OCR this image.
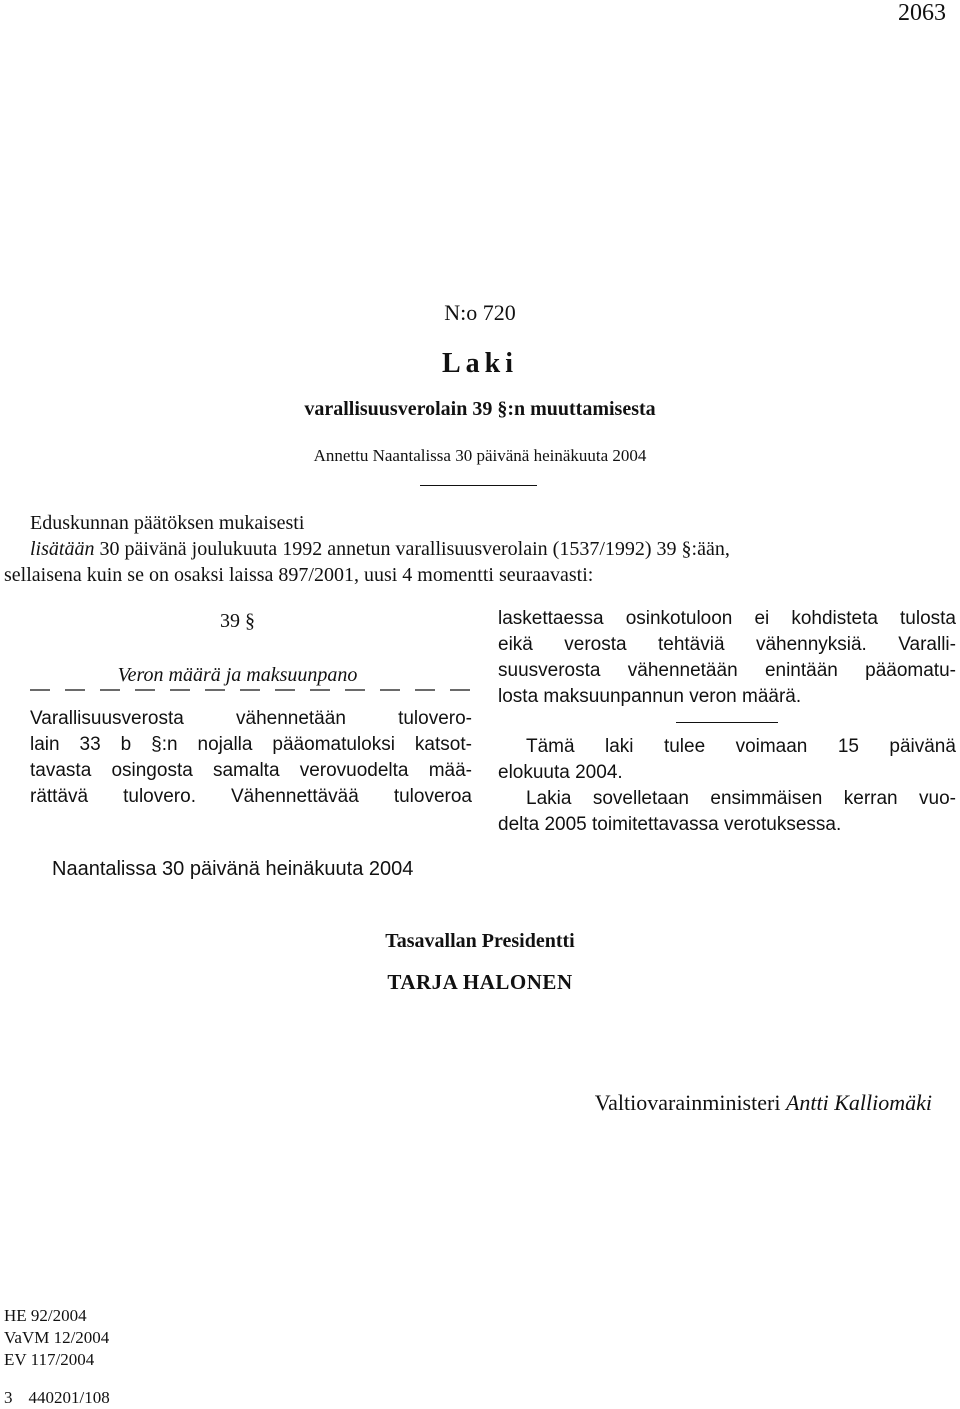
2063
N:o 720
Laki
varallisuusverolain 39 §:n muuttamisesta
Annettu Naantalissa 30 päivänä heinäkuuta 2004
Eduskunnan päätöksen mukaisesti
lisätään 30 päivänä joulukuuta 1992 annetun varallisuusverolain (1537/1992) 39 §:ään,
sellaisena kuin se on osaksi laissa 897/2001, uusi 4 momentti seuraavasti:
39 §
Veron määrä ja maksuunpano
Varallisuusverosta	vähennetään	tulovero-
lain 33 b §:n nojalla pääomatuloksi katsot-
tavasta osingosta samalta verovuodelta mää-
rättävä tulovero. Vähennettävää tuloveroa
laskettaessa osinkotuloon ei kohdisteta tulosta
eikä verosta tehtäviä vähennyksiä. Varalli-
suusverosta vähennetään enintään pääomatu-
losta maksuunpannun veron määrä.
Tämä laki tulee voimaan 15 päivänä
elokuuta 2004.
Lakia sovelletaan ensimmäisen kerran vuo-
delta 2005 toimitettavassa verotuksessa.
Naantalissa 30 päivänä heinäkuuta 2004
Tasavallan Presidentti
TARJA HALONEN
Valtiovarainministeri Antti Kalliomäki
HE 92/2004
VaVM 12/2004
EV 117/2004
3 440201/108
